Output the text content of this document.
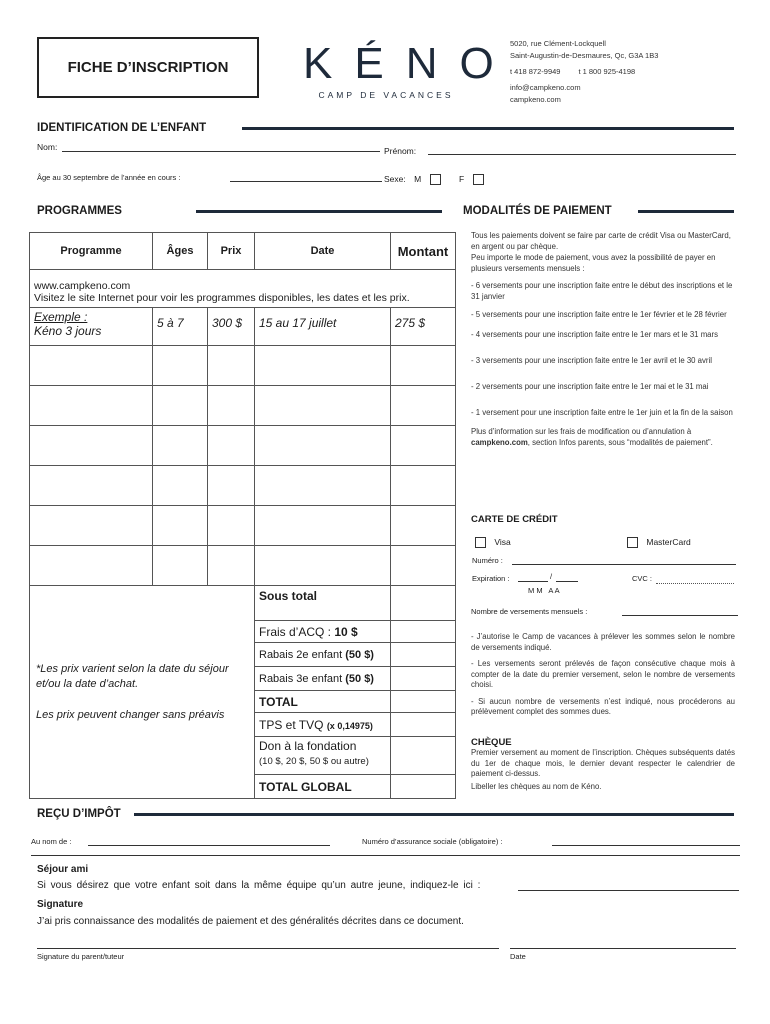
FICHE D’INSCRIPTION KÉNO
CAMP DE VACANCES
5020, rue Clément-Lockquell
Saint-Augustin-de-Desmaures, Qc, G3A 1B3
t 418 872-9949 t 1 800 925-4198
info@campkeno.com
campkeno.com
IDENTIFICATION DE L’ENFANT
Nom:	Prénom:
Âge au 30 septembre de l’année en cours :	Sexe: M	F
PROGRAMMES
Programme	Âges	Prix	Date	Montant

www.campkeno.com
Visitez le site Internet pour voir les programmes disponibles, les dates et les prix.				

Exemple :
Kéno 3 jours	5 à 7	300 $	15 au 17 juillet	275 $

*Les prix varient selon la date du séjour et/ou la date d’achat.
Les prix peuvent changer sans préavis			Sous total	
			Frais d’ACQ : 10 $	
			Rabais 2e enfant (50 $)	
			Rabais 3e enfant (50 $)	
			TOTAL	
			TPS et TVQ (x 0,14975)	

			Don à la fondation
(10 $, 20 $, 50 $ ou autre)	

			TOTAL GLOBAL	
MODALITÉS DE PAIEMENT
Tous les paiements doivent se faire par carte de crédit Visa ou MasterCard, en argent ou par chèque.
Peu importe le mode de paiement, vous avez la possibilité de payer en plusieurs versements mensuels :
- 6 versements pour une inscription faite entre le début des inscriptions et le 31 janvier
- 5 versements pour une inscription faite entre le 1er février et le 28 février
- 4 versements pour une inscription faite entre le 1er mars et le 31 mars
- 3 versements pour une inscription faite entre le 1er avril et le 30 avril
- 2 versements pour une inscription faite entre le 1er mai et le 31 mai
- 1 versement pour une inscription faite entre le 1er juin et la fin de la saison
Plus d’information sur les frais de modification ou d’annulation à campkeno.com, section Infos parents, sous “modalités de paiement”.
CARTE DE CRÉDIT
Visa	MasterCard
Numéro :
Expiration :	/
M M   A A
CVC :
Nombre de versements mensuels :
- J’autorise le Camp de vacances à prélever les sommes selon le nombre de versements indiqué.
- Les versements seront prélevés de façon consécutive chaque mois à compter de la date du premier versement, selon le nombre de versements choisi.
- Si aucun nombre de versements n’est indiqué, nous procéderons au prélèvement complet des sommes dues.
CHÈQUE
Premier versement au moment de l’inscription. Chèques subséquents datés du 1er de chaque mois, le dernier devant respecter le calendrier de paiement ci-dessus.
Libeller les chèques au nom de Kéno.
REÇU D’IMPÔT
Au nom de :	Numéro d’assurance sociale (obligatoire) :
Séjour ami
Si vous désirez que votre enfant soit dans la même équipe qu’un autre jeune, indiquez-le ici :
Signature
J’ai pris connaissance des modalités de paiement et des généralités décrites dans ce document.
Signature du parent/tuteur	Date
